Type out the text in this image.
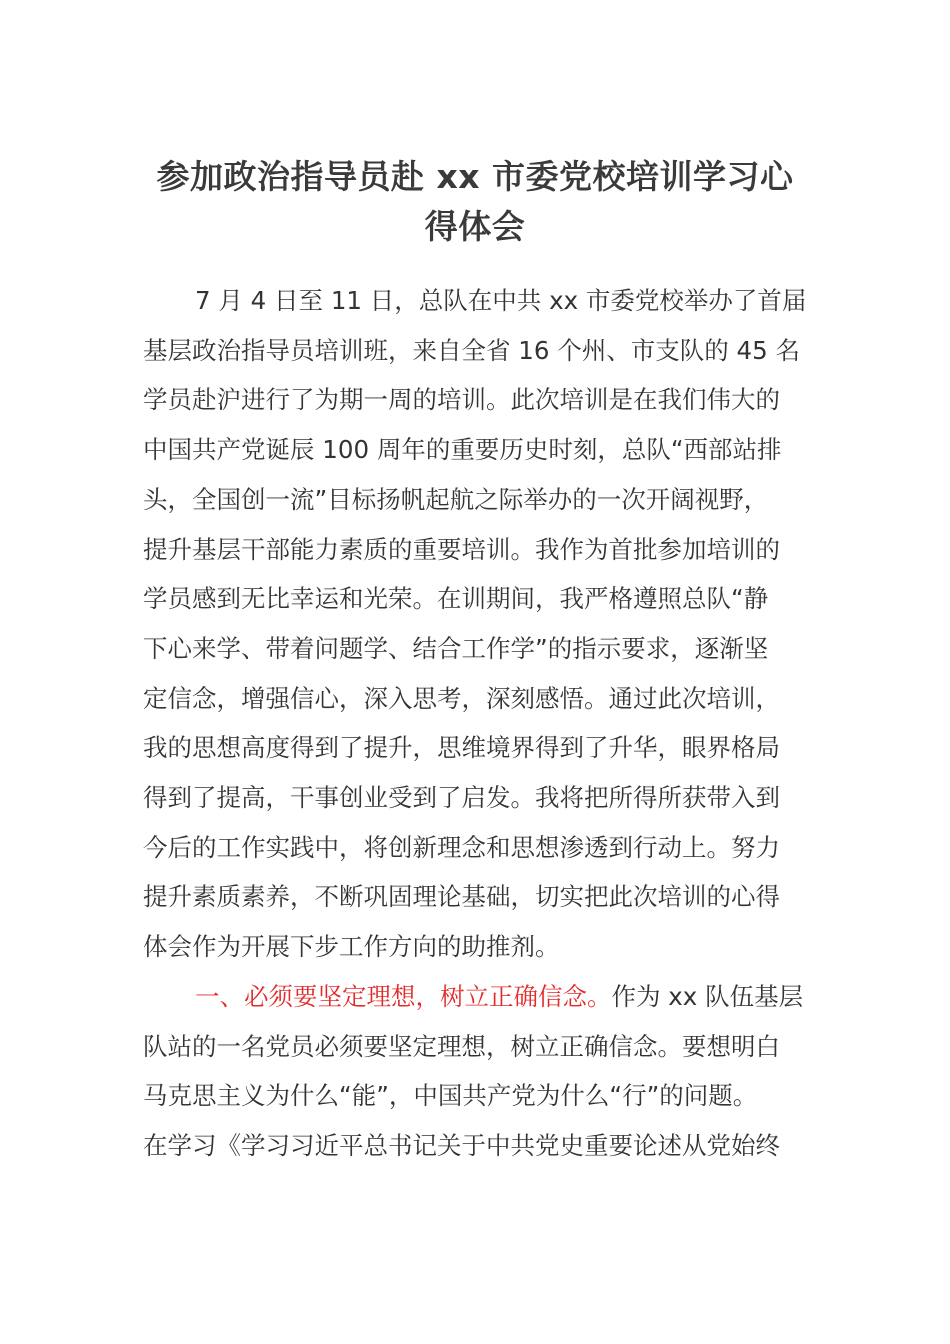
参加政治指导员赴 xx 市委党校培训学习心
得体会

7 月 4 日至 11 日，总队在中共 xx 市委党校举办了首届
基层政治指导员培训班，来自全省 16 个州、市支队的 45 名
学员赴沪进行了为期一周的培训。此次培训是在我们伟大的
中国共产党诞辰 100 周年的重要历史时刻，总队“西部站排
头，全国创一流”目标扬帆起航之际举办的一次开阔视野，
提升基层干部能力素质的重要培训。我作为首批参加培训的
学员感到无比幸运和光荣。在训期间，我严格遵照总队“静
下心来学、带着问题学、结合工作学”的指示要求，逐渐坚
定信念，增强信心，深入思考，深刻感悟。通过此次培训，
我的思想高度得到了提升，思维境界得到了升华，眼界格局
得到了提高，干事创业受到了启发。我将把所得所获带入到
今后的工作实践中，将创新理念和思想渗透到行动上。努力
提升素质素养，不断巩固理论基础，切实把此次培训的心得
体会作为开展下步工作方向的助推剂。

一、必须要坚定理想，树立正确信念。作为 xx 队伍基层
队站的一名党员必须要坚定理想，树立正确信念。要想明白
马克思主义为什么“能”，中国共产党为什么“行”的问题。
在学习《学习习近平总书记关于中共党史重要论述从党始终
